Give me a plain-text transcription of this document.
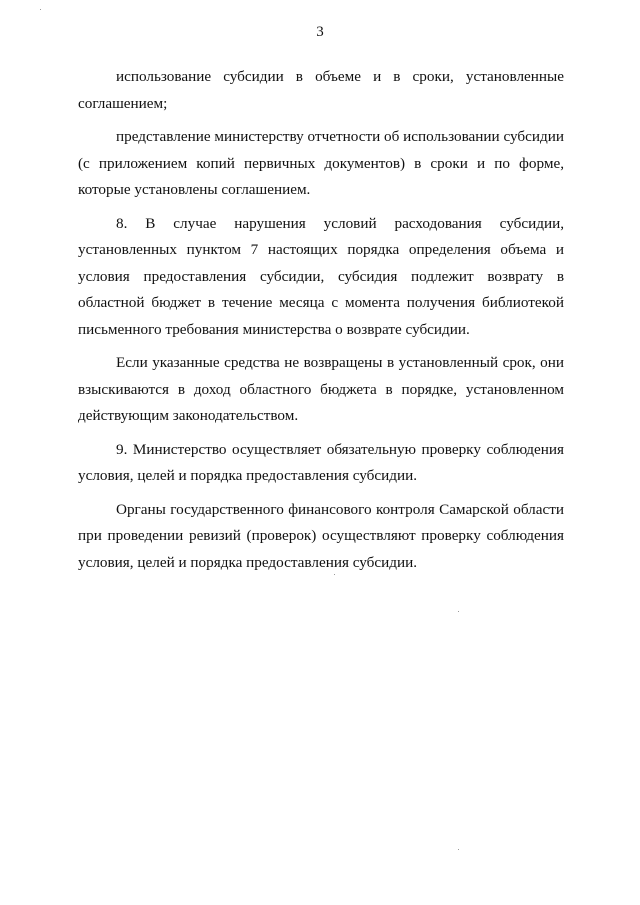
3

использование субсидии в объеме и в сроки, установленные соглашением;

представление министерству отчетности об использовании субсидии (с приложением копий первичных документов) в сроки и по форме, которые установлены соглашением.

8. В случае нарушения условий расходования субсидии, установленных пунктом 7 настоящих порядка определения объема и условия предоставления субсидии, субсидия подлежит возврату в областной бюджет в течение месяца с момента получения библиотекой письменного требования министерства о возврате субсидии.

Если указанные средства не возвращены в установленный срок, они взыскиваются в доход областного бюджета в порядке, установленном действующим законодательством.

9. Министерство осуществляет обязательную проверку соблюдения условия, целей и порядка предоставления субсидии.

Органы государственного финансового контроля Самарской области при проведении ревизий (проверок) осуществляют проверку соблюдения условия, целей и порядка предоставления субсидии.
